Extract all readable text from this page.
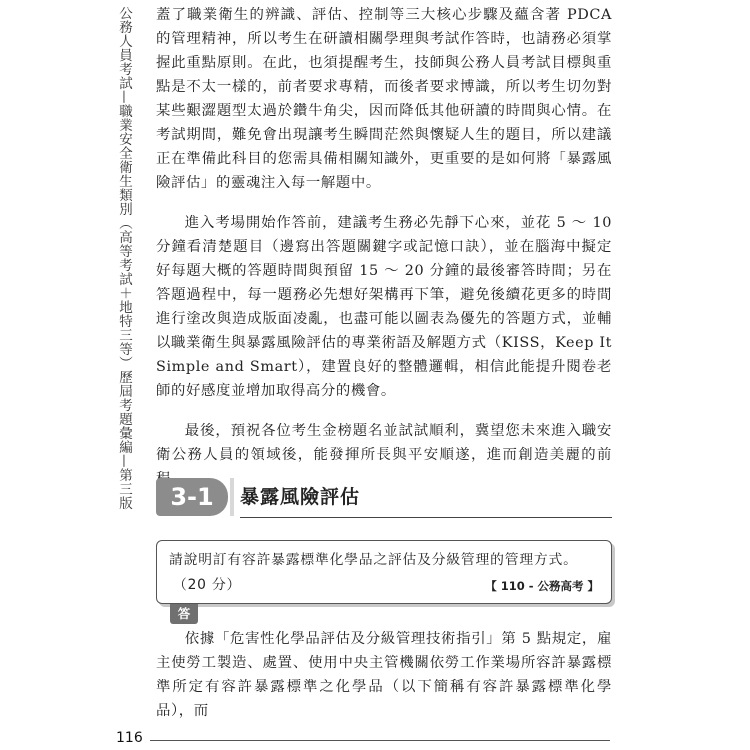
公務人員考試—職業安全衛生類別（高等考試＋地特三等）歷屆考題彙編—第三版 蓋了職業衛生的辨識、評估、控制等三大核心步驟及蘊含著 PDCA 的管理精神，所以考生在研讀相關學理與考試作答時，也請務必須掌握此重點原則。在此，也須提醒考生，技師與公務人員考試目標與重點是不太一樣的，前者要求專精，而後者要求博識，所以考生切勿對某些艱澀題型太過於鑽牛角尖，因而降低其他研讀的時間與心情。在考試期間，難免會出現讓考生瞬間茫然與懷疑人生的題目，所以建議正在準備此科目的您需具備相關知識外，更重要的是如何將「暴露風險評估」的靈魂注入每一解題中。

進入考場開始作答前，建議考生務必先靜下心來，並花 5 ～ 10 分鐘看清楚題目（邊寫出答題關鍵字或記憶口訣），並在腦海中擬定好每題大概的答題時間與預留 15 ～ 20 分鐘的最後審答時間；另在答題過程中，每一題務必先想好架構再下筆，避免後續花更多的時間進行塗改與造成版面凌亂，也盡可能以圖表為優先的答題方式，並輔以職業衛生與暴露風險評估的專業術語及解題方式（KISS，Keep It Simple and Smart），建置良好的整體邏輯，相信此能提升閱卷老師的好感度並增加取得高分的機會。

最後，預祝各位考生金榜題名並試試順利，冀望您未來進入職安衛公務人員的領域後，能發揮所長與平安順遂，進而創造美麗的前

3-1	暴露風險評估
請說明訂有容許暴露標準化學品之評估及分級管理的管理方式。
（20 分）	【 110 - 公務高考 】
答

依據「危害性化學品評估及分級管理技術指引」第 5 點規定，雇主使勞工製造、處置、使用中央主管機關依勞工作業場所容許暴露標準所定有容許暴露標準之化學品（以下簡稱有容許暴露標準化學品），而

116
